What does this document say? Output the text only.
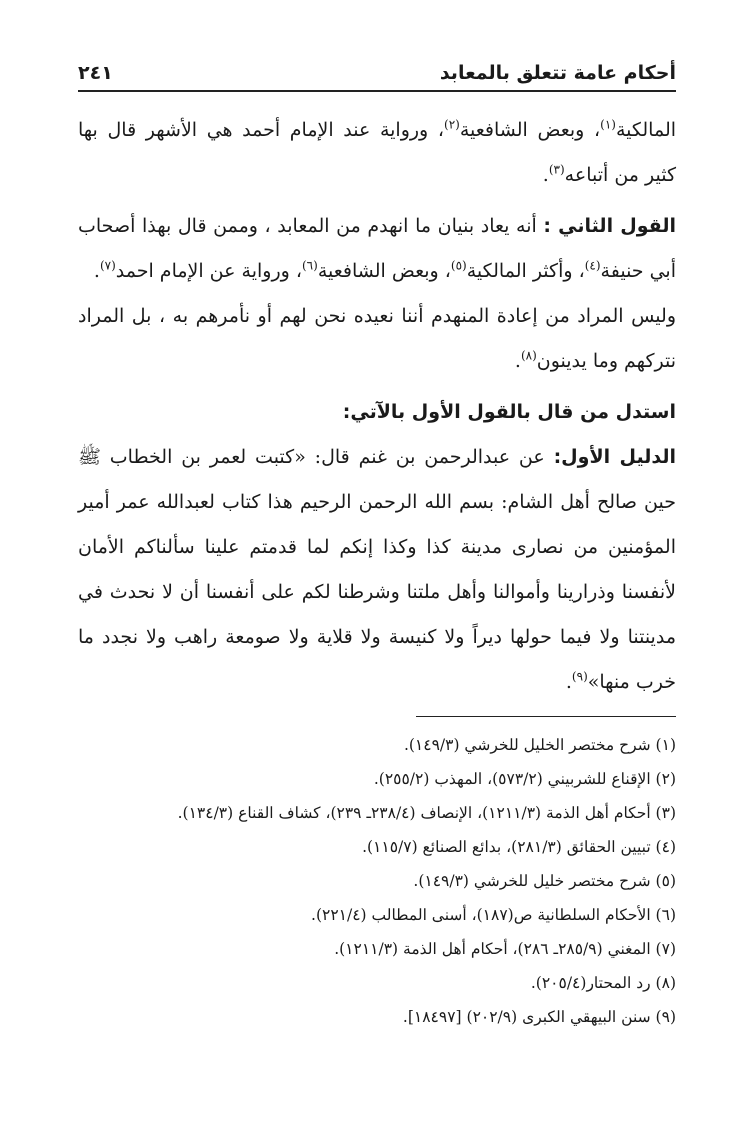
أحكام عامة تتعلق بالمعابد
٢٤١

المالكية$^{(١)}$، وبعض الشافعية$^{(٢)}$، ورواية عند الإمام أحمد هي الأشهر قال بها كثير من أتباعه$^{(٣)}$.

القول الثاني : أنه يعاد بنيان ما انهدم من المعابد ، وممن قال بهذا أصحاب أبي حنيفة$^{(٤)}$، وأكثر المالكية$^{(٥)}$، وبعض الشافعية$^{(٦)}$، ورواية عن الإمام احمد$^{(٧)}$.

وليس المراد من إعادة المنهدم أننا نعيده نحن لهم أو نأمرهم به ، بل المراد نتركهم وما يدينون$^{(٨)}$.

استدل من قال بالقول الأول بالآتي:

الدليل الأول: عن عبدالرحمن بن غنم قال: «كتبت لعمر بن الخطاب ﷺ حين صالح أهل الشام: بسم الله الرحمن الرحيم هذا كتاب لعبدالله عمر أمير المؤمنين من نصارى مدينة كذا وكذا إنكم لما قدمتم علينا سألناكم الأمان لأنفسنا وذرارينا وأموالنا وأهل ملتنا وشرطنا لكم على أنفسنا أن لا نحدث في مدينتنا ولا فيما حولها ديراً ولا كنيسة ولا قلاية ولا صومعة راهب ولا نجدد ما خرب منها»$^{(٩)}$.

(١) شرح مختصر الخليل للخرشي (١٤٩/٣).
(٢) الإقناع للشربيني (٥٧٣/٢)، المهذب (٢٥٥/٢).
(٣) أحكام أهل الذمة (١٢١١/٣)، الإنصاف (٢٣٨/٤ـ ٢٣٩)، كشاف القناع (١٣٤/٣).
(٤) تبيين الحقائق (٢٨١/٣)، بدائع الصنائع (١١٥/٧).
(٥) شرح مختصر خليل للخرشي (١٤٩/٣).
(٦) الأحكام السلطانية ص(١٨٧)، أسنى المطالب (٢٢١/٤).
(٧) المغني (٢٨٥/٩ـ ٢٨٦)، أحكام أهل الذمة (١٢١١/٣).
(٨) رد المحتار(٢٠٥/٤).
(٩) سنن البيهقي الكبرى (٢٠٢/٩) [١٨٤٩٧].
